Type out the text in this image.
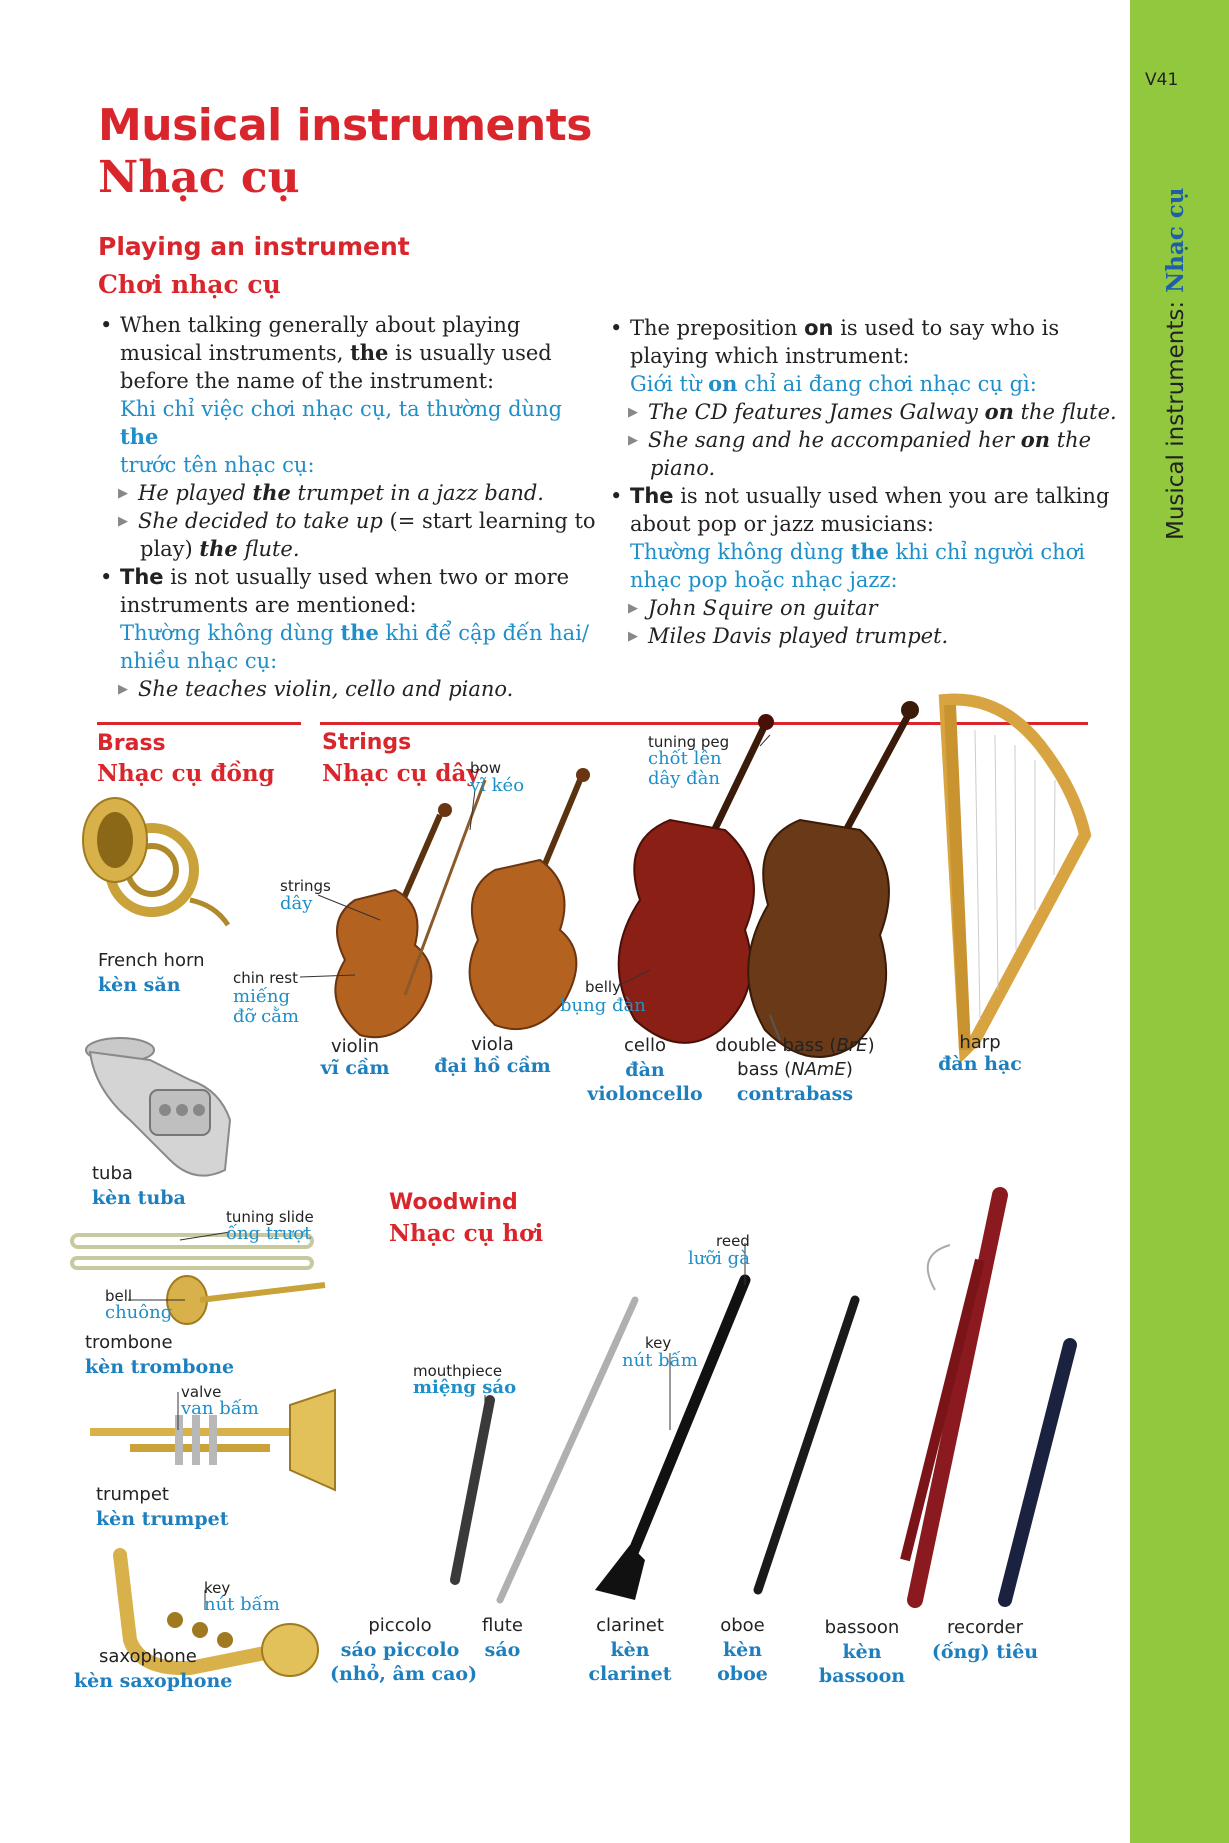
V41
Musical instruments:Nhạc cụ
Musical instruments
Nhạc cụ
Playing an instrument
Chơi nhạc cụ

• When talking generally about playing

musical instruments, the is usually used

before the name of the instrument:

Khi chỉ việc chơi nhạc cụ, ta thường dùng the

trước tên nhạc cụ:

▶ He played the trumpet in a jazz band.

▶ She decided to take up (= start learning to

play) the flute.

• The is not usually used when two or more

instruments are mentioned:

Thường không dùng the khi để cập đến hai/

nhiều nhạc cụ:

▶ She teaches violin, cello and piano.

• The preposition on is used to say who is

playing which instrument:

Giới từ on chỉ ai đang chơi nhạc cụ gì:

▶ The CD features James Galway on the flute.

▶ She sang and he accompanied her on the

piano.

• The is not usually used when you are talking

about pop or jazz musicians:

Thường không dùng the khi chỉ người chơi

nhạc pop hoặc nhạc jazz:

▶ John Squire on guitar

▶ Miles Davis played trumpet.

Brass
Nhạc cụ đồng
French horn
kèn săn
tuba
kèn tuba
tuning slide
ống trượt
bell
chuông
trombone
kèn trombone
valve
van bấm
trumpet
kèn trumpet
key
nút bấm
saxophone
kèn saxophone
Strings
Nhạc cụ dây
bow
vĩ kéo
tuning peg
chốt lên
dây đàn
strings
dây
chin rest
miếng
đỡ cằm
belly
bụng đàn
violin
vĩ cầm
viola
đại hồ cầm
cello
đàn
violoncello
double bass (BrE)
bass (NAmE)
contrabass
harp
đàn hạc
Woodwind
Nhạc cụ hơi	reed
lưỡi gà
key
nút bấm
mouthpiece
miệng sáo
piccolo
sáo piccolo
(nhỏ, âm cao)
flute
sáo
clarinet
kèn
clarinet
oboe
kèn
oboe
bassoon
kèn
bassoon
recorder
(ống) tiêu
